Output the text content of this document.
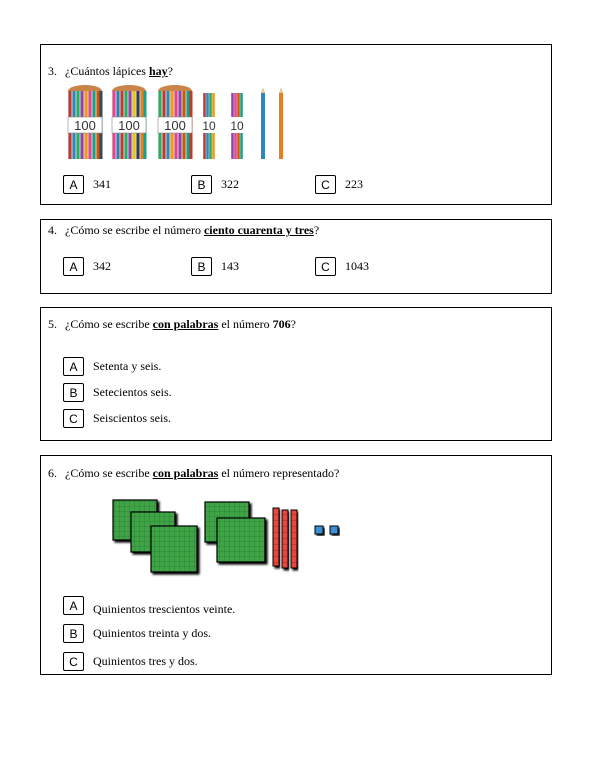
3. ¿Cuántos lápices hay?
100 100 100 10 10
A	341	B	322	C	223
4. ¿Cómo se escribe el número ciento cuarenta y tres?
A	342	B	143	C	1043
5. ¿Cómo se escribe con palabras el número 706?
A	Setenta y seis.
B	Setecientos seis.
C	Seiscientos seis.
6. ¿Cómo se escribe con palabras el número representado?
A	Quinientos trescientos veinte.
B	Quinientos treinta y dos.
C	Quinientos tres y dos.
